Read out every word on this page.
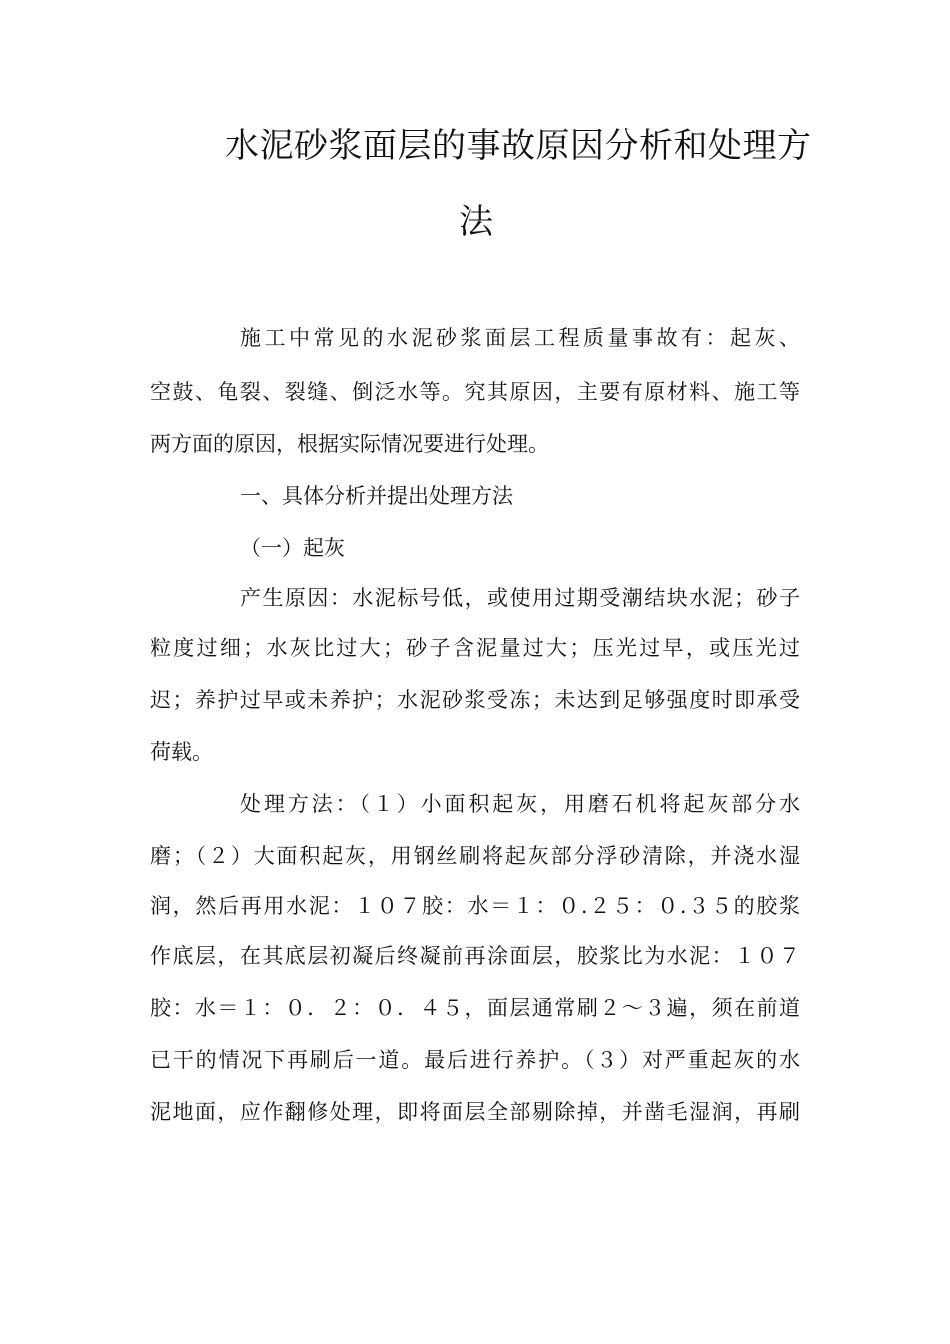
水泥砂浆面层的事故原因分析和处理方
法
施工中常见的水泥砂浆面层工程质量事故有：起灰、
空鼓、龟裂、裂缝、倒泛水等。究其原因，主要有原材料、施工等
两方面的原因，根据实际情况要进行处理。
一、具体分析并提出处理方法
（一）起灰
产生原因：水泥标号低，或使用过期受潮结块水泥；砂子
粒度过细；水灰比过大；砂子含泥量过大；压光过早，或压光过
迟；养护过早或未养护；水泥砂浆受冻；未达到足够强度时即承受
荷载。
处理方法：（１）小面积起灰，用磨石机将起灰部分水
磨；（２）大面积起灰，用钢丝刷将起灰部分浮砂清除，并浇水湿
润，然后再用水泥：１０７胶：水＝１：０.２５：０.３５的胶浆
作底层，在其底层初凝后终凝前再涂面层，胶浆比为水泥：１０７
胶：水＝１：０．２：０．４５，面层通常刷２～３遍，须在前道
已干的情况下再刷后一道。最后进行养护。（３）对严重起灰的水
泥地面，应作翻修处理，即将面层全部剔除掉，并凿毛湿润，再刷
